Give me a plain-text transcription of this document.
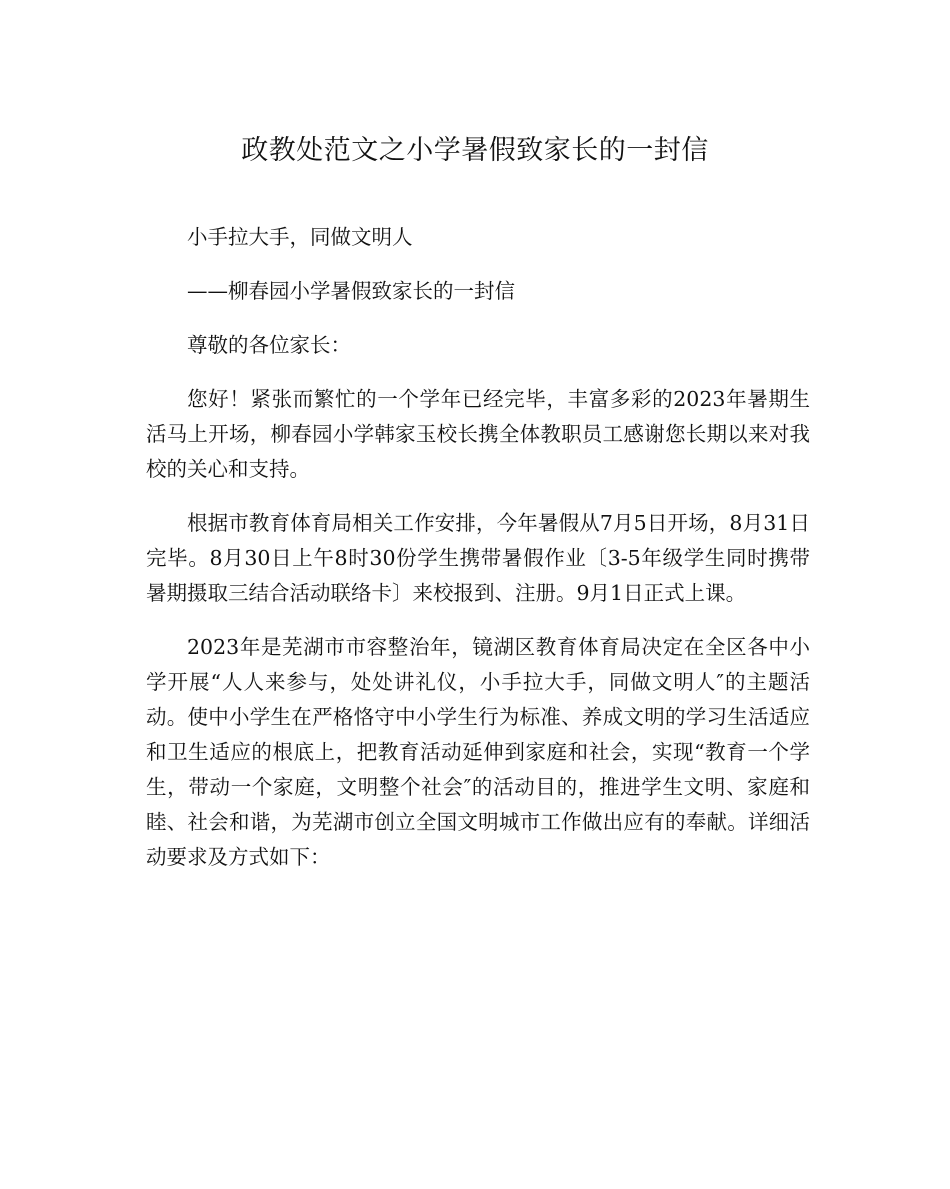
政教处范文之小学暑假致家长的一封信

小手拉大手，同做文明人

——柳春园小学暑假致家长的一封信

尊敬的各位家长：

您好！紧张而繁忙的一个学年已经完毕，丰富多彩的2023年暑期生活马上开场，柳春园小学韩家玉校长携全体教职员工感谢您长期以来对我校的关心和支持。

根据市教育体育局相关工作安排，今年暑假从7月5日开场，8月31日完毕。8月30日上午8时30份学生携带暑假作业〔3-5年级学生同时携带暑期摄取三结合活动联络卡〕来校报到、注册。9月1日正式上课。

2023年是芜湖市市容整治年，镜湖区教育体育局决定在全区各中小学开展“人人来参与，处处讲礼仪，小手拉大手，同做文明人″的主题活动。使中小学生在严格恪守中小学生行为标准、养成文明的学习生活适应和卫生适应的根底上，把教育活动延伸到家庭和社会，实现“教育一个学生，带动一个家庭，文明整个社会″的活动目的，推进学生文明、家庭和睦、社会和谐，为芜湖市创立全国文明城市工作做出应有的奉献。详细活动要求及方式如下：
